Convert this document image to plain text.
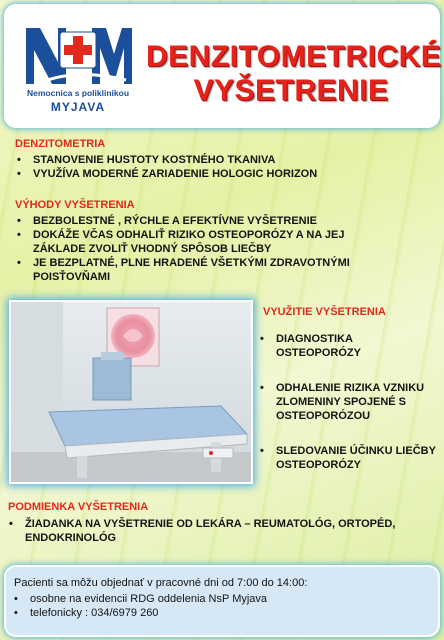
Nemocnica s poliklinikou
MYJAVA
DENZITOMETRICKÉ
VYŠETRENIE
DENZITOMETRIA
• STANOVENIE HUSTOTY KOSTNÉHO TKANIVA
• VYUŽÍVA MODERNÉ ZARIADENIE HOLOGIC HORIZON
VÝHODY VYŠETRENIA
• BEZBOLESTNÉ , RÝCHLE A EFEKTÍVNE VYŠETRENIE
• DOKÁŽE VČAS ODHALIŤ RIZIKO OSTEOPORÓZY A NA JEJ ZÁKLADE ZVOLIŤ VHODNÝ SPÔSOB LIEČBY
• JE BEZPLATNÉ, PLNE HRADENÉ VŠETKÝMI ZDRAVOTNÝMI POISŤOVŇAMI
VYUŽITIE VYŠETRENIA
• DIAGNOSTIKA OSTEOPORÓZY
• ODHALENIE RIZIKA VZNIKU ZLOMENINY SPOJENÉ S OSTEOPORÓZOU
• SLEDOVANIE ÚČINKU LIEČBY OSTEOPORÓZY
PODMIENKA VYŠETRENIA
• ŽIADANKA NA VYŠETRENIE OD LEKÁRA – REUMATOLÓG, ORTOPÉD, ENDOKRINOLÓG
Pacienti sa môžu objednať v pracovné dni od 7:00 do 14:00:
• osobne na evidencii RDG oddelenia NsP Myjava
• telefonicky : 034/6979 260
